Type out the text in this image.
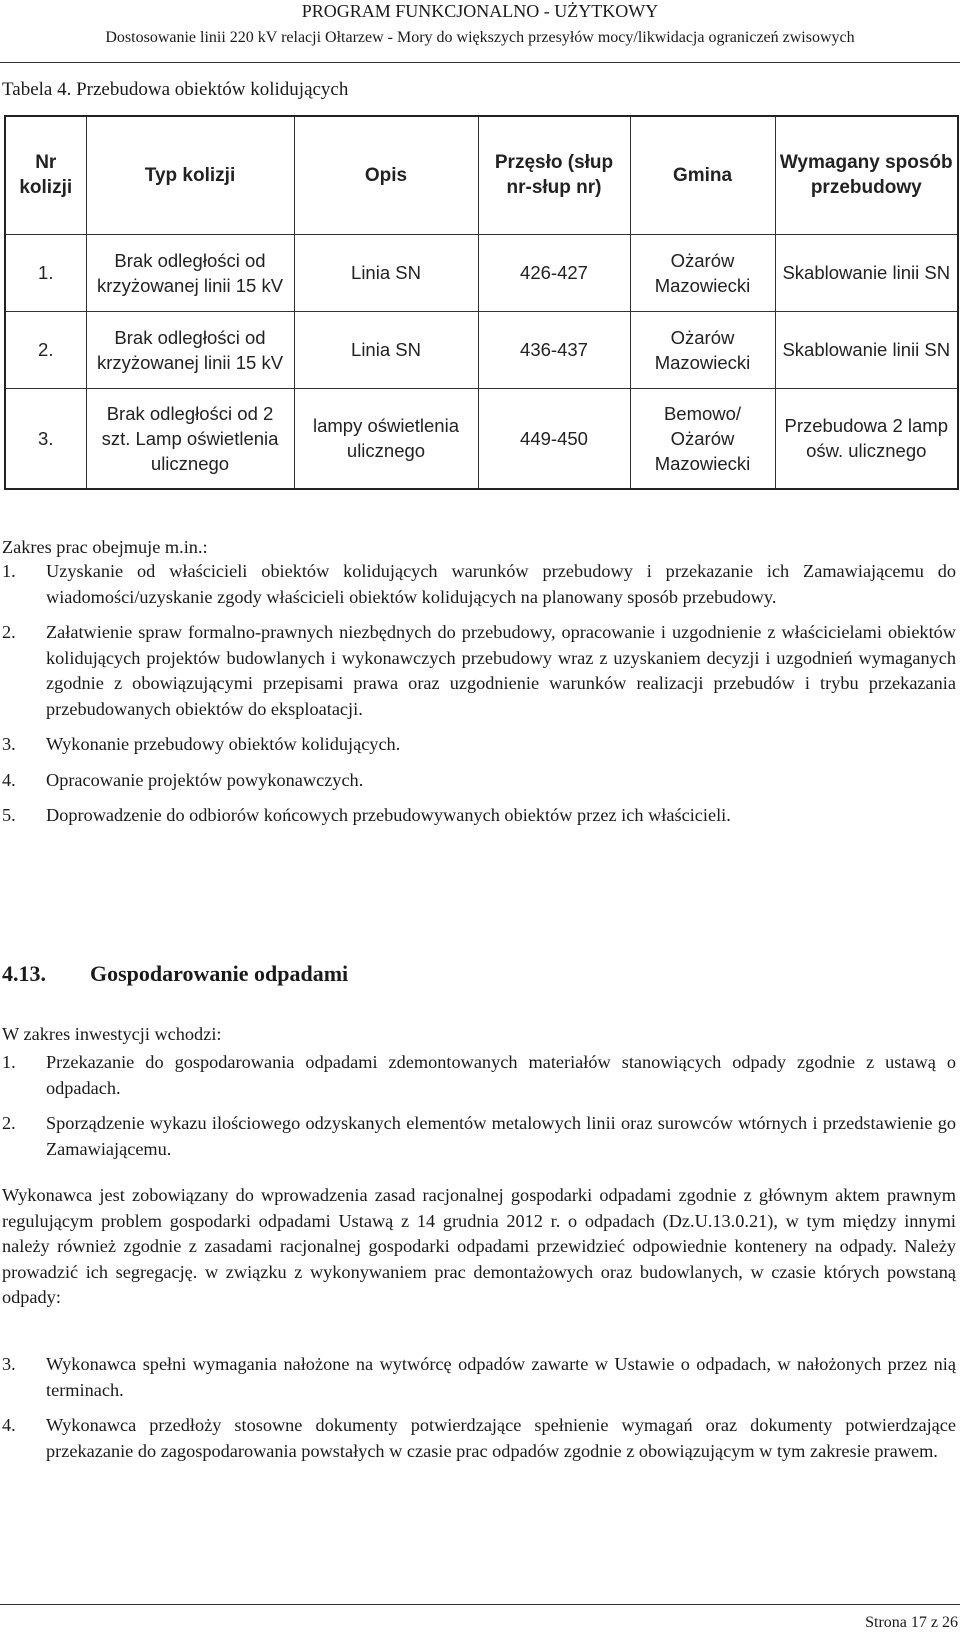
PROGRAM FUNKCJONALNO - UŻYTKOWY
Dostosowanie linii 220 kV relacji Ołtarzew - Mory do większych przesyłów mocy/likwidacja ograniczeń zwisowych
Tabela 4. Przebudowa obiektów kolidujących
Nr kolizji	Typ kolizji	Opis	Przęsło (słup nr-słup nr)	Gmina	Wymagany sposób przebudowy
1.	Brak odległości od krzyżowanej linii 15 kV	Linia SN	426-427	Ożarów Mazowiecki	Skablowanie linii SN
2.	Brak odległości od krzyżowanej linii 15 kV	Linia SN	436-437	Ożarów Mazowiecki	Skablowanie linii SN
3.	Brak odległości od 2 szt. Lamp oświetlenia ulicznego	lampy oświetlenia ulicznego	449-450	Bemowo/ Ożarów Mazowiecki	Przebudowa 2 lamp ośw. ulicznego
Zakres prac obejmuje m.in.:
1.	Uzyskanie od właścicieli obiektów kolidujących warunków przebudowy i przekazanie ich Zamawiającemu do wiadomości/uzyskanie zgody właścicieli obiektów kolidujących na planowany sposób przebudowy.
2.	Załatwienie spraw formalno-prawnych niezbędnych do przebudowy, opracowanie i uzgodnienie z właścicielami obiektów kolidujących projektów budowlanych i wykonawczych przebudowy wraz z uzyskaniem decyzji i uzgodnień wymaganych zgodnie z obowiązującymi przepisami prawa oraz uzgodnienie warunków realizacji przebudów i trybu przekazania przebudowanych obiektów do eksploatacji.
3.	Wykonanie przebudowy obiektów kolidujących.
4.	Opracowanie projektów powykonawczych.
5.	Doprowadzenie do odbiorów końcowych przebudowywanych obiektów przez ich właścicieli.
4.13. Gospodarowanie odpadami
W zakres inwestycji wchodzi:
1.	Przekazanie do gospodarowania odpadami zdemontowanych materiałów stanowiących odpady zgodnie z ustawą o odpadach.
2.	Sporządzenie wykazu ilościowego odzyskanych elementów metalowych linii oraz surowców wtórnych i przedstawienie go Zamawiającemu.
Wykonawca jest zobowiązany do wprowadzenia zasad racjonalnej gospodarki odpadami zgodnie z głównym aktem prawnym regulującym problem gospodarki odpadami Ustawą z 14 grudnia 2012 r. o odpadach (Dz.U.13.0.21), w tym między innymi należy również zgodnie z zasadami racjonalnej gospodarki odpadami przewidzieć odpowiednie kontenery na odpady. Należy prowadzić ich segregację. w związku z wykonywaniem prac demontażowych oraz budowlanych, w czasie których powstaną odpady:
3.	Wykonawca spełni wymagania nałożone na wytwórcę odpadów zawarte w Ustawie o odpadach, w nałożonych przez nią terminach.
4.	Wykonawca przedłoży stosowne dokumenty potwierdzające spełnienie wymagań oraz dokumenty potwierdzające przekazanie do zagospodarowania powstałych w czasie prac odpadów zgodnie z obowiązującym w tym zakresie prawem.
Strona 17 z 26
